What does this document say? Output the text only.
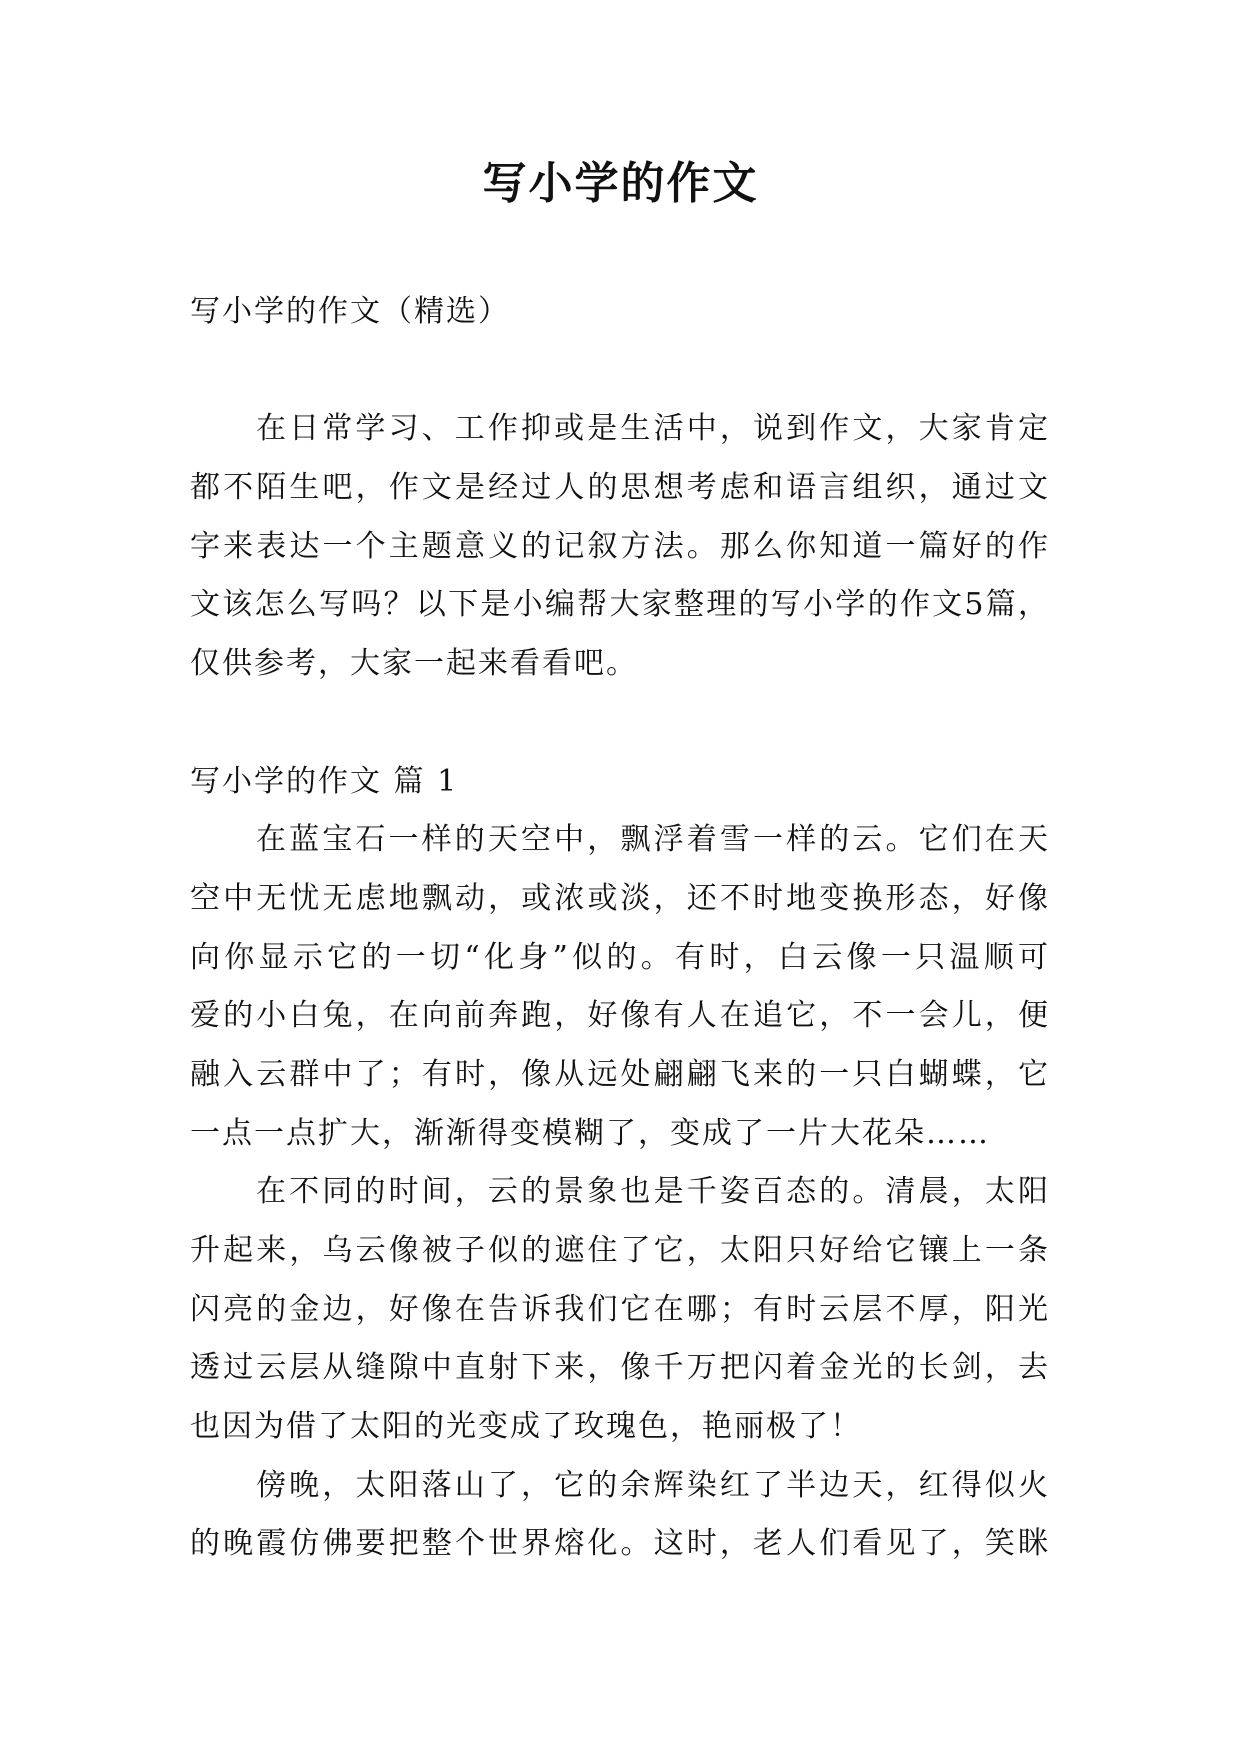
写小学的作文
写小学的作文（精选）
在日常学习、工作抑或是生活中，说到作文，大家肯定
都不陌生吧，作文是经过人的思想考虑和语言组织，通过文
字来表达一个主题意义的记叙方法。那么你知道一篇好的作
文该怎么写吗？以下是小编帮大家整理的写小学的作文5篇，
仅供参考，大家一起来看看吧。
写小学的作文 篇 1
在蓝宝石一样的天空中，飘浮着雪一样的云。它们在天
空中无忧无虑地飘动，或浓或淡，还不时地变换形态，好像
向你显示它的一切“化身”似的。有时，白云像一只温顺可
爱的小白兔，在向前奔跑，好像有人在追它，不一会儿，便
融入云群中了；有时，像从远处翩翩飞来的一只白蝴蝶，它
一点一点扩大，渐渐得变模糊了，变成了一片大花朵……
在不同的时间，云的景象也是千姿百态的。清晨，太阳
升起来，乌云像被子似的遮住了它，太阳只好给它镶上一条
闪亮的金边，好像在告诉我们它在哪；有时云层不厚，阳光
透过云层从缝隙中直射下来，像千万把闪着金光的长剑，去
也因为借了太阳的光变成了玫瑰色，艳丽极了！
傍晚，太阳落山了，它的余辉染红了半边天，红得似火
的晚霞仿佛要把整个世界熔化。这时，老人们看见了，笑眯
